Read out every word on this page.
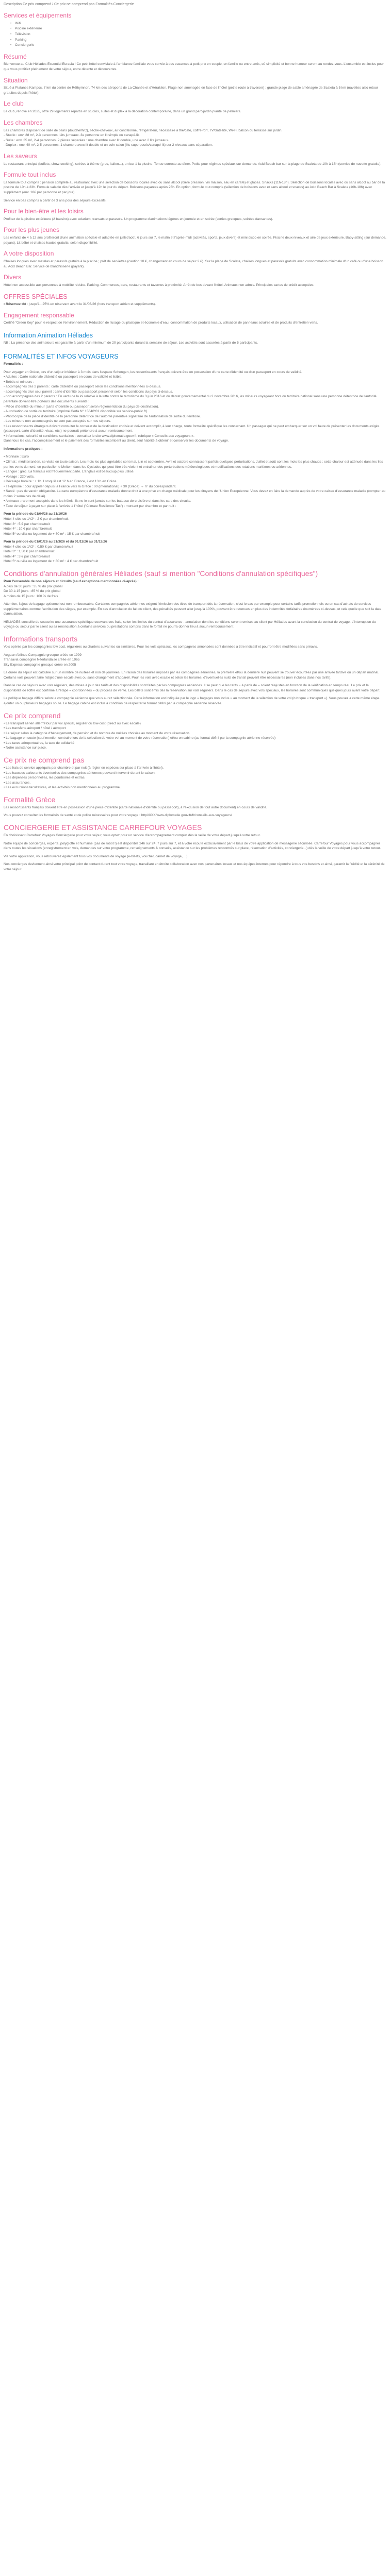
Description Ce prix comprend / Ce prix ne comprend pas Formalités Conciergerie
Services et équipements
• Wifi
• Piscine extérieure
• Télévision
• Parking
• Conciergerie
Résumé

Bienvenue au Club Héliades Essential Eurasia ! Ce petit hôtel conviviale à l'ambiance familiale vous convie à des vacances à petit prix en couple, en famille ou entre amis, où simplicité et bonne humeur seront au rendez-vous. L'ensemble est inclus pour que vous profitiez pleinement de votre séjour, entre détente et découvertes.

Situation

Situé à Platanes Kampos, 7 km du centre de Réthymnon, 74 km des aéroports de La Chanée et d'Héraklion. Plage non aménagée en face de l'hôtel (petite route à traverser) ; grande plage de sable aménagée de Scaleta à 5 km (navettes also retour gratuites depuis l'hôtel).

Le club

Le club, rénové en 2025, offre 29 logements répartis en studios, suites et duplex à la décoration contemporaine, dans un grand parc/jardin planté de palmiers.

Les chambres

Les chambres disposent de salle de bains (douche/WC), sèche-cheveux, air conditionné, réfrigérateur, nécessaire à thé/café, coffre-fort, TV/Satellite, Wi-Fi, balcon ou terrasse sur jardin.
- Studio : env. 28 m², 2-3 personnes, Lits jumeaux. 3e personne en lit simple ou canapé-lit.
- Suite : env. 35 m², 2-4 personnes. 2 pièces séparées : une chambre avec lit double, une avec 2 lits jumeaux.
- Duplex : env. 40 m², 2-5 personnes. 1 chambre avec lit double et un coin salon (lits superposés/canapé-lit) sur 2 niveaux sans séparation.

Les saveurs

Le restaurant principal (buffets, show-cooking), soirées à thème (grec, italien...), un bar à la piscine. Tenue correcte au dîner. Petits pour régimes spéciaux sur demande. Acid Beach bar sur la plage de Scaleta de 10h à 18h (service de navette gratuite).

Formule tout inclus

La formule tout compris : pension complète au restaurant avec une sélection de boissons locales avec ou sans alcool (bière pression, vin maison, eau en carafe) et glaces. Snacks (11h-18h). Sélection de boissons locales avec ou sans alcool au bar de la piscine de 10h à 23h. Formule valable dès l'arrivée et jusqu'à 12h le jour du départ. Boissons payantes après 23h. En option, formule tout compris (sélection de boissons avec et sans alcool et snacks) au Acid Beach Bar à Scaleta (10h-18h) avec supplément (env. 18€ par personne et par jour).

Service en bas compris à partir de 3 ans pour des séjours excessifs.

Pour le bien-être et les loisirs

Profitez de la piscine extérieure (2 bassins) avec solarium, transats et parasols. Un programme d'animations légères en journée et en soirée (sorties grecques, soirées dansantes).

Pour les plus jeunes

Les enfants de 4 à 12 ans profiteront d'une animation spéciale et adaptée en juillet/août, 6 jours sur 7, le matin et l'après-midi (activités, sports, jeux divers) et mini disco en soirée. Piscine deux-niveaux et aire de jeux extérieure. Baby-sitting (sur demande, payant). Lit bébé et chaises hautes gratuits, selon disponibilité.

A votre disposition

Chaises longues avec matelas et parasols gratuits à la piscine ; prêt de serviettes (caution 10 €, changement en cours de séjour 2 €). Sur la plage de Scaleta, chaises longues et parasols gratuits avec consommation minimale d'un café ou d'une boisson au Acid Beach Bar. Service de blanchisserie (payant).

Divers

Hôtel non accessible aux personnes à mobilité réduite. Parking. Commerces, bars, restaurants et tavernes à proximité. Arrêt de bus devant l'hôtel. Animaux non admis. Principales cartes de crédit acceptées.

OFFRES SPÉCIALES

• Réservez tôt : jusqu'à - 25% en réservant avant le 31/03/26 (hors transport aérien et suppléments).

Engagement responsable

Certifié "Green Key" pour le respect de l'environnement. Réduction de l'usage du plastique et économie d'eau, consommation de produits locaux, utilisation de panneaux solaires et de produits d'entretien verts.

Information Animation Héliades

NB : La présence des animateurs est garantie à partir d'un minimum de 20 participants durant la semaine de séjour. Les activités sont assurées à partir de 5 participants.

FORMALITÉS ET INFOS VOYAGEURS

Formalités :

Pour voyager en Grèce, lors d'un séjour inférieur à 3 mois dans l'espace Schengen, les ressortissants français doivent être en possession d'une carte d'identité ou d'un passeport en cours de validité.
• Adultes : Carte nationale d'identité ou passeport en cours de validité et lisible.
• Bébés et mineurs :
- accompagnés des 2 parents : carte d'identité ou passeport selon les conditions mentionnées ci-dessus.
- accompagnés d'un seul parent : carte d'identité ou passeport personnel selon les conditions du pays ci-dessus.
- non accompagnés des 2 parents : En vertu de la loi relative à la lutte contre le terrorisme du 3 juin 2016 et du décret gouvernemental du 2 novembre 2016, les mineurs voyageant hors du territoire national sans une personne détentrice de l'autorité parentale doivent être porteurs des documents suivants :
- Pièce d'identité du mineur (carte d'identité ou passeport selon réglementation du pays de destination).
- Autorisation de sortie du territoire (imprimé Cerfa N° 15646*01 disponible sur service-public.fr).
- Photocopie de la pièce d'identité de la personne détentrice de l'autorité parentale signataire de l'autorisation de sortie du territoire.
- Les mineurs non accompagnés ne sont pas acceptés sur nos séjours.
• Les ressortissants étrangers doivent consulter le consulat de la destination choisie et doivent accomplir, à leur charge, toute formalité spécifique les concernant. Un passager qui ne peut embarquer sur un vol faute de présenter les documents exigés (passeport, carte d'identité, visas, etc.) ne pourrait prétendre à aucun remboursement.
• Informations, sécurité et conditions sanitaires : consultez le site www.diplomatie.gouv.fr, rubrique « Conseils aux voyageurs ».
Dans tous les cas, l'accomplissement et le paiement des formalités incombent au client, seul habilité à obtenir et conserver les documents de voyage.

Informations pratiques :

• Monnaie : Euro
• Climat : méditerranéen, se visite en toute saison. Les mois les plus agréables sont mai, juin et septembre. Avril et octobre connaissent parfois quelques perturbations. Juillet et août sont les mois les plus chauds : cette chaleur est atténuée dans les îles par les vents du nord, en particulier le Meltem dans les Cyclades qui peut être très violent et entraîner des perturbations météorologiques et modifications des rotations maritimes ou aériennes.
• Langue : grec. La français est fréquemment parlé. L'anglais est beaucoup plus utilisé.
• Voltage : 220 volts.
• Décalage horaire : + 1h. Lorsqu'il est 12 h en France, il est 13 h en Grèce.
• Téléphone : pour appeler depuis la France vers la Grèce : 00 (international) + 30 (Grèce) → n° du correspondant.
• Santé : pas de vaccin obligatoire. La carte européenne d'assurance maladie donne droit à une prise en charge médicale pour les citoyens de l'Union Européenne. Vous devez en faire la demande auprès de votre caisse d'assurance maladie (compter au moins 2 semaines de délai).
• Animaux : rarement acceptés dans les hôtels, ils ne le sont jamais sur les bateaux de croisière et dans les cars des circuits.
• Taxe de séjour à payer sur place à l'arrivée à l'hôtel ("Climate Resilience Tax") : montant par chambre et par nuit :

Pour la période du 01/04/26 au 31/10/26
Hôtel 4 clés ou 1*/2* : 2 € par chambre/nuit
Hôtel 3* : 5 € par chambre/nuit
Hôtel 4* : 10 € par chambre/nuit
Hôtel 5* ou villa ou logement de + 80 m² : 15 € par chambre/nuit
Pour la période du 01/01/26 au 31/3/26 et du 01/11/26 au 31/12/26
Hôtel 4 clés ou 1*/2* : 0,50 € par chambre/nuit
Hôtel 3* : 1,50 € par chambre/nuit
Hôtel 4* : 3 € par chambre/nuit
Hôtel 5* ou villa ou logement de + 80 m² : 4 € par chambre/nuit
Conditions d'annulation générales Héliades (sauf si mention "Conditions d'annulation spécifiques")

Pour l'ensemble de nos séjours et circuits (sauf exceptions mentionnées ci-après) :
A plus de 30 jours : 35 % du prix global
De 30 à 15 jours : 85 % du prix global
A moins de 15 jours : 100 % de frais

Attention, l'ajout de bagage optionnel est non remboursable. Certaines compagnies aériennes exigent l'émission des titres de transport dès la réservation, c'est le cas par exemple pour certains tarifs promotionnels ou en cas d'achats de services supplémentaires comme l'attribution des sièges, par exemple. En cas d'annulation du fait du client, des pénalités peuvent aller jusqu'à 100%, pouvant être retenues en plus des indemnités forfaitaires énumérées ci-dessus, et cela quelle que soit la date d'annulation.

HÉLIADES conseille de souscrire une assurance spécifique couvrant ces frais, selon les limites du contrat d'assurance - annulation dont les conditions seront remises au client par Héliades avant la conclusion du contrat de voyage. L'interruption du voyage ou séjour par le client ou sa renonciation à certains services ou prestations compris dans le forfait ne pourra donner lieu à aucun remboursement.

Informations transports

Vols opérés par les compagnies low cost, régulières ou charters suivantes ou similaires. Pour les vols spéciaux, les compagnies annoncées sont données à titre indicatif et pourront être modifiées sans préavis.

Aegean Airlines Compagnie grecque créée en 1999
Transavia compagnie Néerlandaise créée en 1965
Sky Express compagnie grecque créée en 2005

La durée du séjour est calculée sur un nombre de nuitées et non de journées. En raison des horaires imposés par les compagnies aériennes, la première et/ou la dernière nuit peuvent se trouver écourtées par une arrivée tardive ou un départ matinal. Certains vols peuvent faire l'objet d'une escale avec ou sans changement d'appareil. Pour les vols avec escale et selon les horaires, d'éventuelles nuits de transit peuvent être nécessaires (non incluses dans nos tarifs).

Dans le cas de séjours avec vols réguliers, des mises à jour des tarifs et des disponibilités sont faites par les compagnies aériennes. Il se peut que les tarifs « à partir de » soient réajustés en fonction de la vérification en temps réel. Le prix et la disponibilité de l'offre est confirmé à l'étape « coordonnées » du process de vente. Les billets sont émis dès la réservation sur vols réguliers. Dans le cas de séjours avec vols spéciaux, les horaires sont communiqués quelques jours avant votre départ.

La politique bagage diffère selon la compagnie aérienne que vous aurez sélectionnée. Cette information est indiquée par le logo « bagages non inclus » au moment de la sélection de votre vol (rubrique « transport »). Vous pouvez à cette même étape ajouter un ou plusieurs bagages soute. Le bagage cabine est inclus à condition de respecter le format défini par la compagnie aérienne réservée.

Ce prix comprend

• Le transport aérien aller/retour par vol spécial, régulier ou low-cost (direct ou avec escale)
• Les transferts aéroport / hôtel / aéroport
• Le séjour selon la catégorie d'hébergement, de pension et du nombre de nuitées choisies au moment de votre réservation.
• Le bagage en soute (sauf mention contraire lors de la sélection de votre vol au moment de votre réservation) et/ou en cabine (au format défini par la compagnie aérienne réservée)
• Les taxes aéroportuaires, la taxe de solidarité
• Notre assistance sur place.

Ce prix ne comprend pas

• Les frais de service appliqués par chambre et par nuit (à régler en espèces sur place à l'arrivée à l'hôtel).
• Les hausses carburants éventuelles des compagnies aériennes pouvant intervenir durant le saison.
• Les dépenses personnelles, les pourboires et extras.
• Les assurances.
• Les excursions facultatives, et les activités non mentionnées au programme.

Formalité Grèce

Les ressortissants français doivent être en possession d'une pièce d'identité (carte nationale d'identité ou passeport), à l'exclusion de tout autre document) en cours de validité.

Vous pouvez consulter les formalités de santé et de police nécessaires pour votre voyage : http//XXX/www.diplomatie.gouv.fr/fr/conseils-aux-voyageurs/

CONCIERGERIE ET ASSISTANCE CARREFOUR VOYAGES

En choisissant Carrefour Voyages Conciergerie pour votre séjour, vous optez pour un service d'accompagnement complet dès la veille de votre départ jusqu'à votre retour.

Notre équipe de concierges, experte, polyglotte et humaine (pas de robot !) est disponible 24h sur 24, 7 jours sur 7, et à votre écoute exclusivement par le biais de votre application de messagerie sécurisée. Carrefour Voyages pour vous accompagner dans toutes les situations (enregistrement en vols, demandes sur votre programme, renseignements & conseils, assistance sur les problèmes rencontrés sur place, réservation d'activités, conciergerie...) dès la veille de votre départ jusqu'à votre retour.

Via votre application, vous retrouverez également tous vos documents de voyage (e-billets, voucher, carnet de voyage, ...)

Nos concierges deviennent ainsi votre principal point de contact durant tout votre voyage, travaillant en étroite collaboration avec nos partenaires locaux et nos équipes internes pour répondre à tous vos besoins et ainsi, garantir la fluidité et la sérénité de votre séjour.
